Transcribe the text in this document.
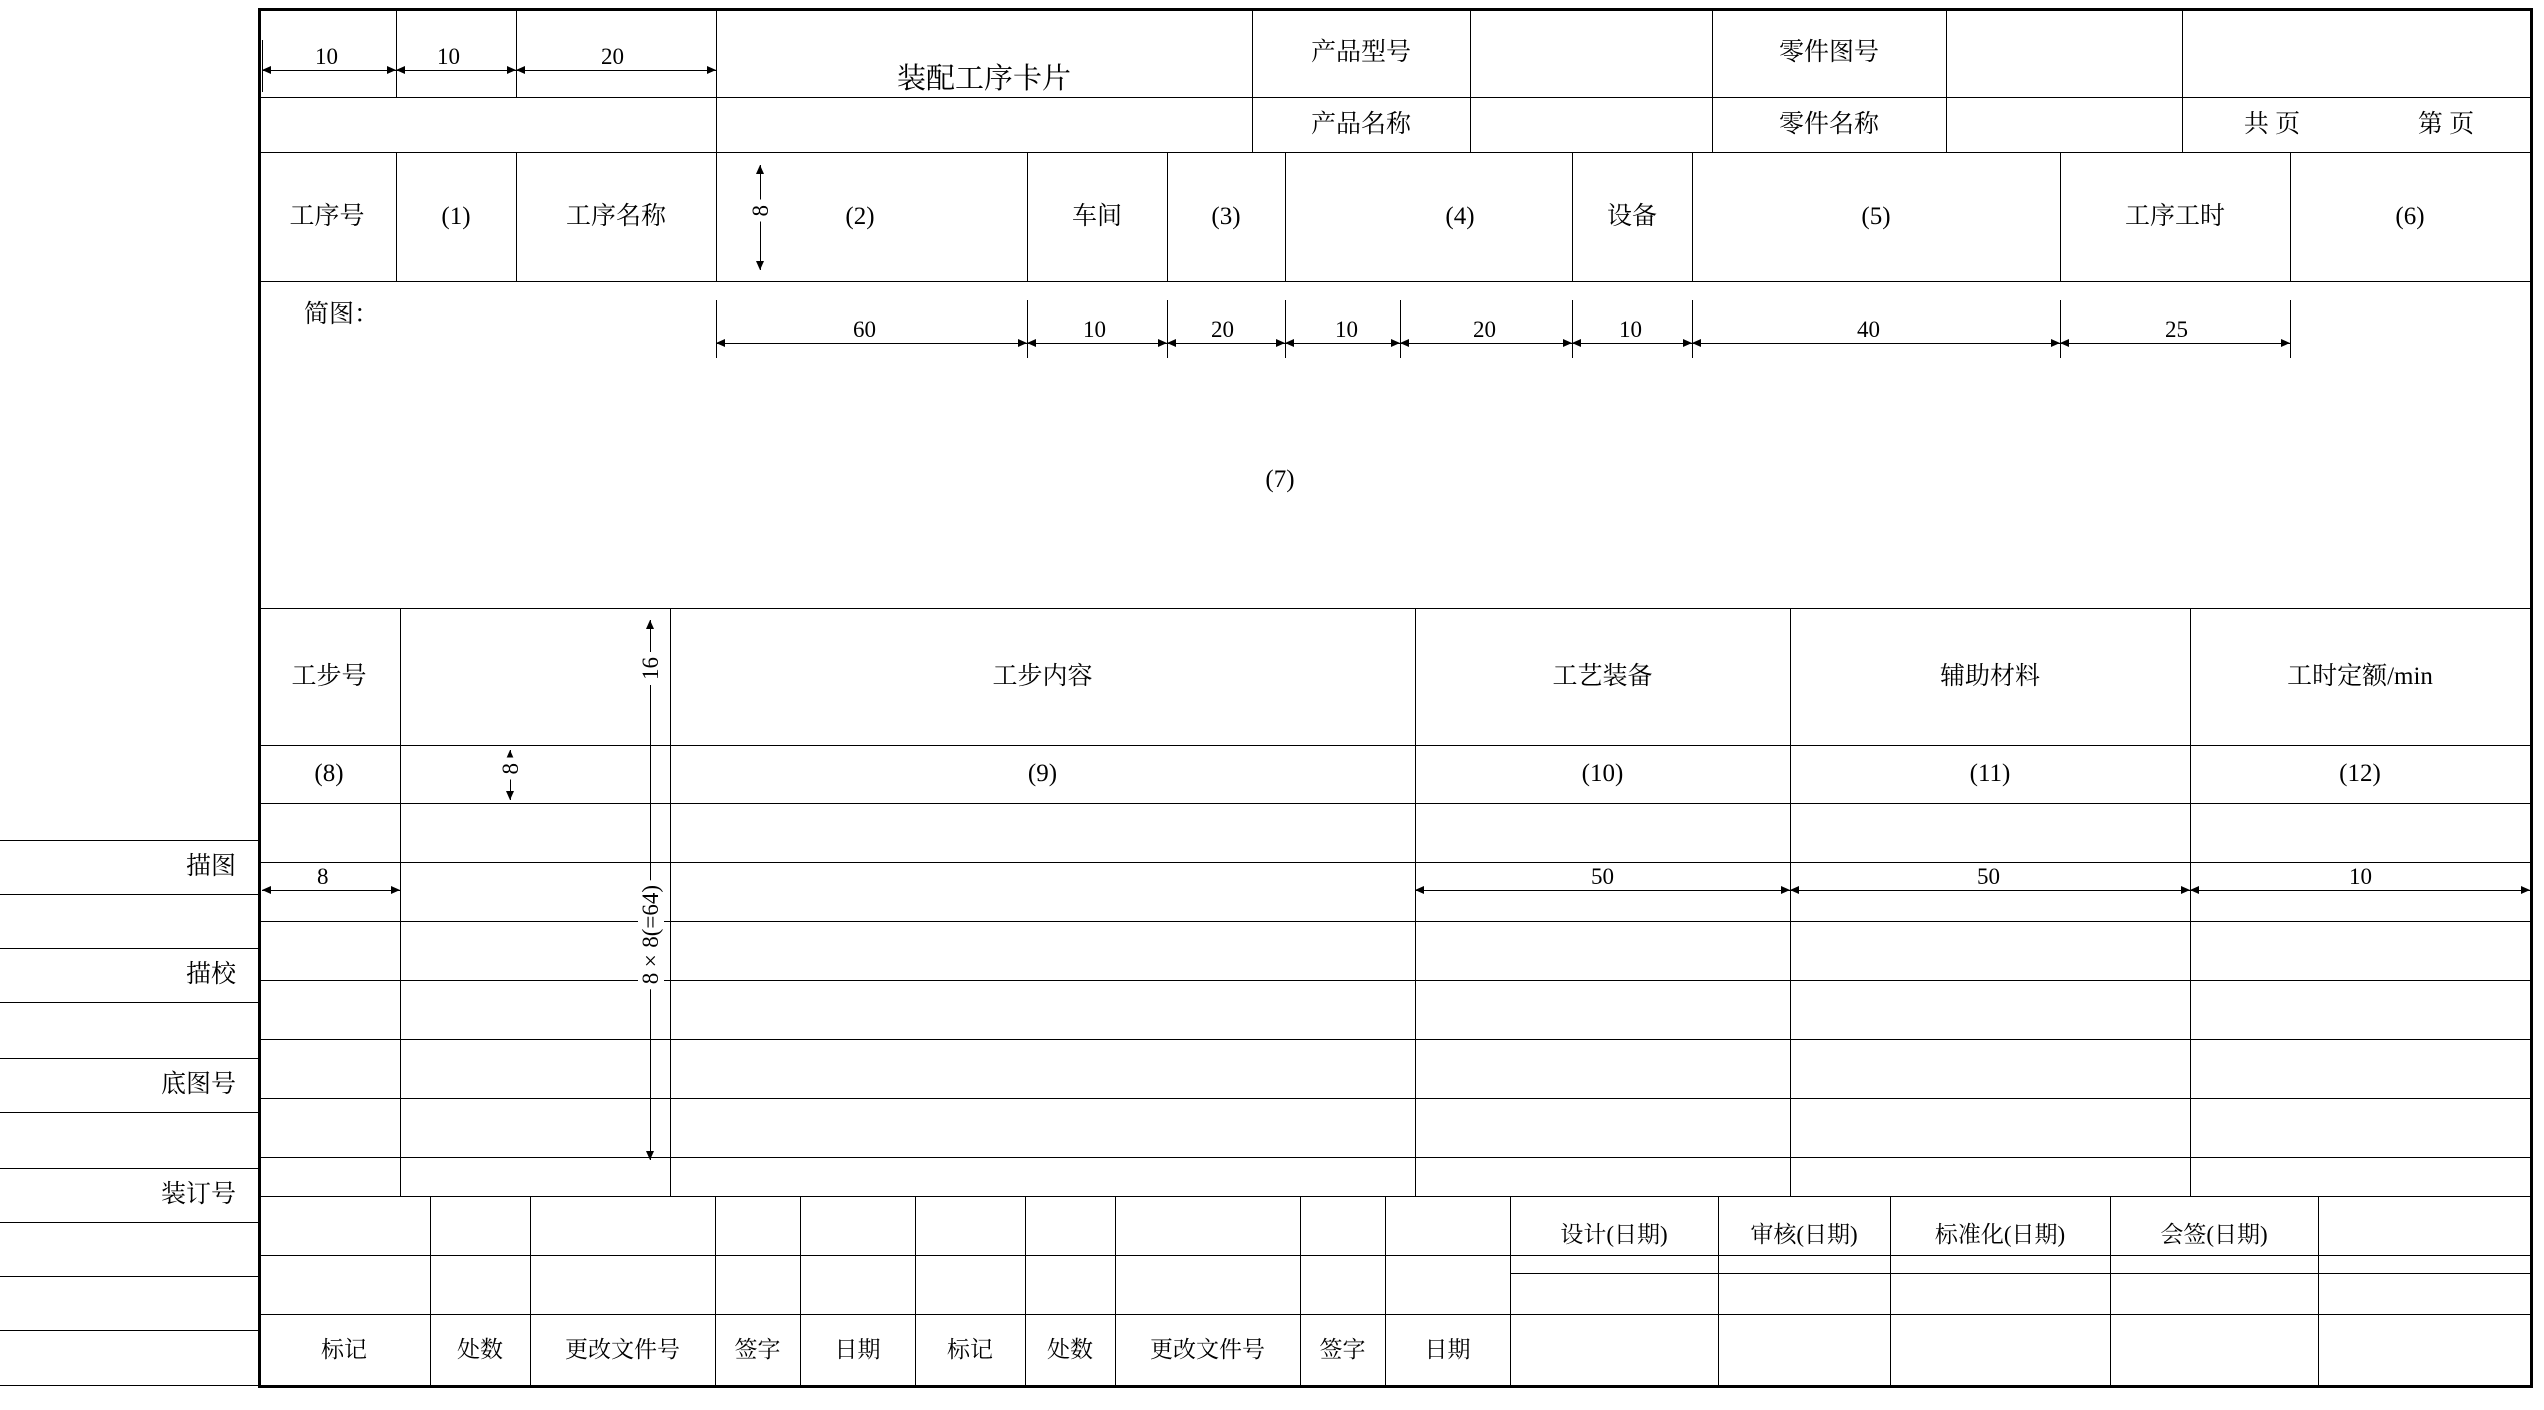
装配工序卡片
产品型号	零件图号
产品名称	零件名称	共 页	第 页
10	10	20
工序号	(1)	工序名称	(2)	车间	(3)	(4)	设备	(5)	工序工时	(6)
8
简图：
(7)
60	10	20	10	20	10	40	25
工步号	工步内容	工艺装备	辅助材料	工时定额/min
16
8×8(=64)
8
(8)	(9)	(10)	(11)	(12)
8	50	50	10
标记	处数	更改文件号	签字	日期	标记	处数	更改文件号	签字	日期
设计(日期)	审核(日期)	标准化(日期)	会签(日期)
描图
描校
底图号
装订号
